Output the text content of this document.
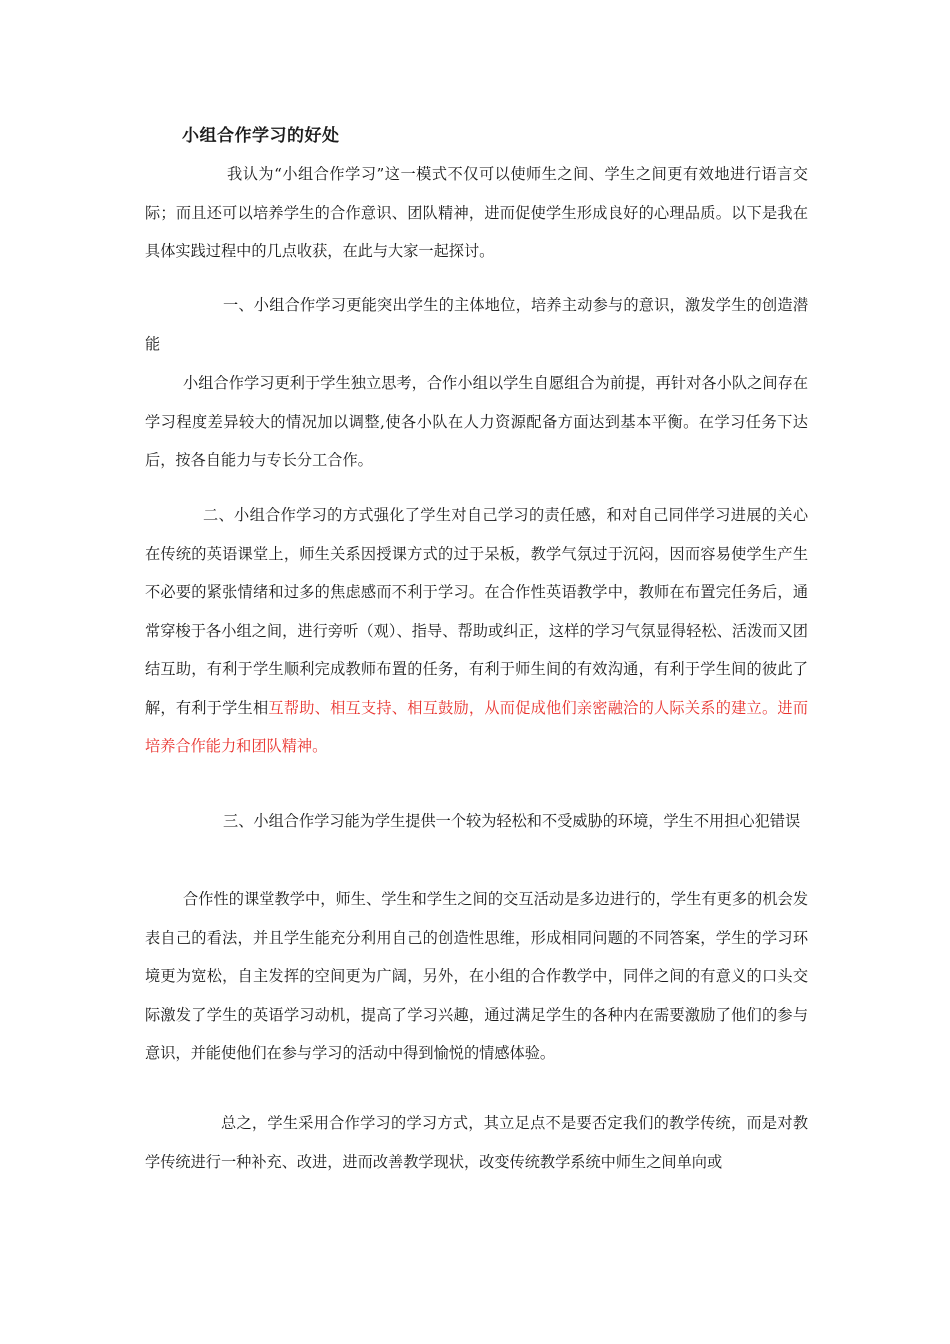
小组合作学习的好处
我认为“小组合作学习”这一模式不仅可以使师生之间、学生之间更有效地进行语言交际；而且还可以培养学生的合作意识、团队精神，进而促使学生形成良好的心理品质。以下是我在具体实践过程中的几点收获，在此与大家一起探讨。
一、小组合作学习更能突出学生的主体地位，培养主动参与的意识，激发学生的创造潜能
小组合作学习更利于学生独立思考，合作小组以学生自愿组合为前提，再针对各小队之间存在学习程度差异较大的情况加以调整,使各小队在人力资源配备方面达到基本平衡。在学习任务下达后，按各自能力与专长分工合作。
二、小组合作学习的方式强化了学生对自己学习的责任感，和对自己同伴学习进展的关心在传统的英语课堂上，师生关系因授课方式的过于呆板，教学气氛过于沉闷，因而容易使学生产生不必要的紧张情绪和过多的焦虑感而不利于学习。在合作性英语教学中，教师在布置完任务后，通常穿梭于各小组之间，进行旁听（观）、指导、帮助或纠正，这样的学习气氛显得轻松、活泼而又团结互助，有利于学生顺利完成教师布置的任务，有利于师生间的有效沟通，有利于学生间的彼此了解，有利于学生相互帮助、相互支持、相互鼓励，从而促成他们亲密融洽的人际关系的建立。进而培养合作能力和团队精神。
三、小组合作学习能为学生提供一个较为轻松和不受威胁的环境，学生不用担心犯错误
合作性的课堂教学中，师生、学生和学生之间的交互活动是多边进行的，学生有更多的机会发表自己的看法，并且学生能充分利用自己的创造性思维，形成相同问题的不同答案，学生的学习环境更为宽松，自主发挥的空间更为广阔，另外，在小组的合作教学中，同伴之间的有意义的口头交际激发了学生的英语学习动机，提高了学习兴趣，通过满足学生的各种内在需要激励了他们的参与意识，并能使他们在参与学习的活动中得到愉悦的情感体验。
总之，学生采用合作学习的学习方式，其立足点不是要否定我们的教学传统，而是对教学传统进行一种补充、改进，进而改善教学现状，改变传统教学系统中师生之间单向或
